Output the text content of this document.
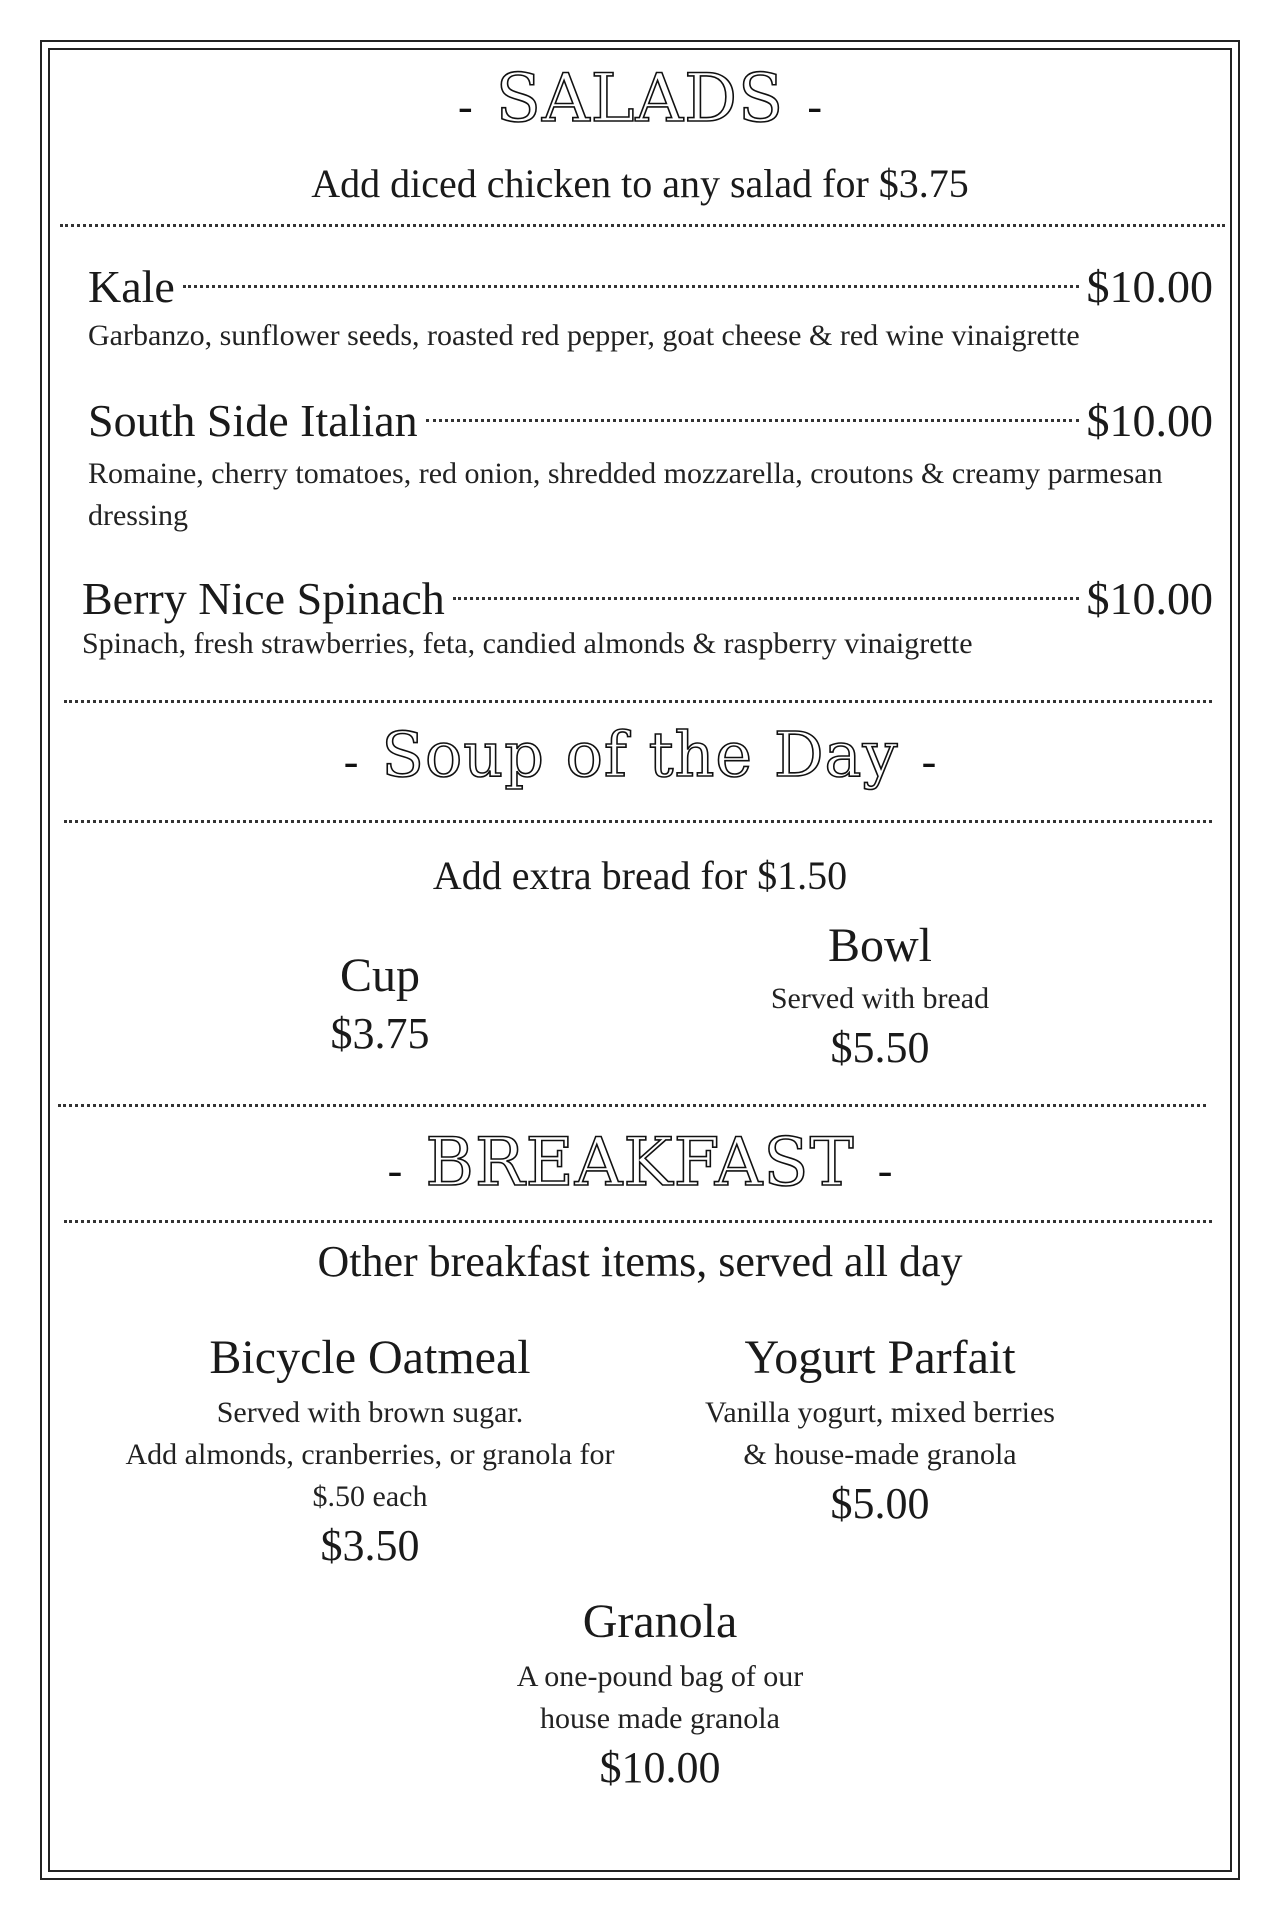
- SALADS -
Add diced chicken to any salad for $3.75
Kale	$10.00
Garbanzo, sunflower seeds, roasted red pepper, goat cheese & red wine vinaigrette
South Side Italian	$10.00
Romaine, cherry tomatoes, red onion, shredded mozzarella, croutons & creamy parmesan dressing
Berry Nice Spinach	$10.00
Spinach, fresh strawberries, feta, candied almonds & raspberry vinaigrette
- Soup of the Day -
Add extra bread for $1.50
Cup
$3.75
Bowl
Served with bread
$5.50
- BREAKFAST -
Other breakfast items, served all day
Bicycle Oatmeal
Served with brown sugar.
Add almonds, cranberries, or granola for
$.50 each
$3.50
Yogurt Parfait
Vanilla yogurt, mixed berries
& house-made granola
$5.00
Granola
A one-pound bag of our
house made granola
$10.00
